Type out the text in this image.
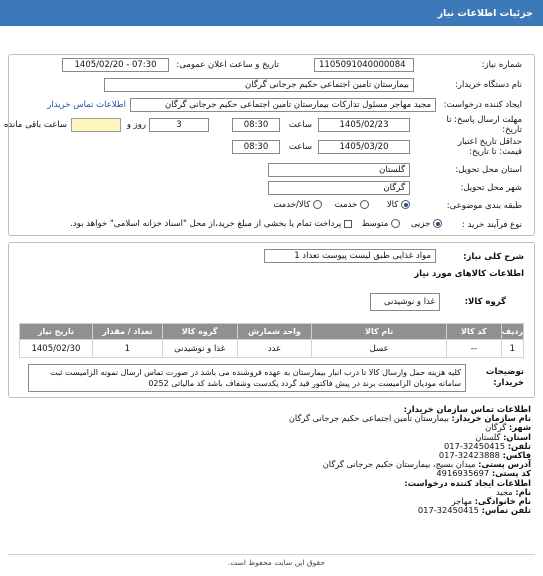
جزئیات اطلاعات نیاز
شماره نیاز:
1105091040000084
تاریخ و ساعت اعلان عمومی:
1405/02/20 - 07:30
نام دستگاه خریدار:
بیمارستان تامین اجتماعی حکیم جرجانی گرگان
ایجاد کننده درخواست:
مجید مهاجر مسئول تدارکات بیمارستان تامین اجتماعی حکیم جرجانی گرگان
اطلاعات تماس خریدار
مهلت ارسال پاسخ: تا تاریخ:
1405/02/23
ساعت
08:30
3
روز و
ساعت باقی مانده
حداقل تاریخ اعتبار قیمت: تا تاریخ:
1405/03/20
ساعت
08:30
استان محل تحویل:
گلستان
شهر محل تحویل:
گرگان
طبقه بندی موضوعی:
کالا
خدمت
کالا/خدمت
نوع فرآیند خرید :
جزیی
متوسط
پرداخت تمام یا بخشی از مبلغ خرید،از محل "اسناد خزانه اسلامی" خواهد بود.
شرح کلی نیاز:
مواد غذایی طبق لیست پیوست تعداد 1
اطلاعات کالاهای مورد نیاز
گروه کالا:
غذا و نوشیدنی
ردیف	کد کالا	نام کالا	واحد شمارش	گروه کالا	تعداد / مقدار	تاریخ نیاز
1	--	عسل	عدد	غذا و نوشیدنی	1	1405/02/30
توضیحات خریدار:
کلیه هزینه حمل وارسال کالا تا درب انبار بیمارستان به عهده فروشنده می باشد در صورت تماس ارسال نمونه الزامیست ثبت سامانه مودیان الزامیست برند در پیش فاکتور قید گردد یکدست وشفاف باشد کد مالیاتی 0252
اطلاعات تماس سازمان خریدار:
نام سازمان خریدار: بیمارستان تامین اجتماعی حکیم جرجانی گرگان
شهر: گرگان
استان: گلستان
تلفن: 017-32450415
فاکس: 017-32423888
آدرس پستی: میدان بسیج، بیمارستان حکیم جرجانی گرگان
کد پستی: 4916935697
اطلاعات ایجاد کننده درخواست:
نام: مجید
نام خانوادگی: مهاجر
تلفن تماس: 017-32450415
حقوق این سایت محفوظ است.
